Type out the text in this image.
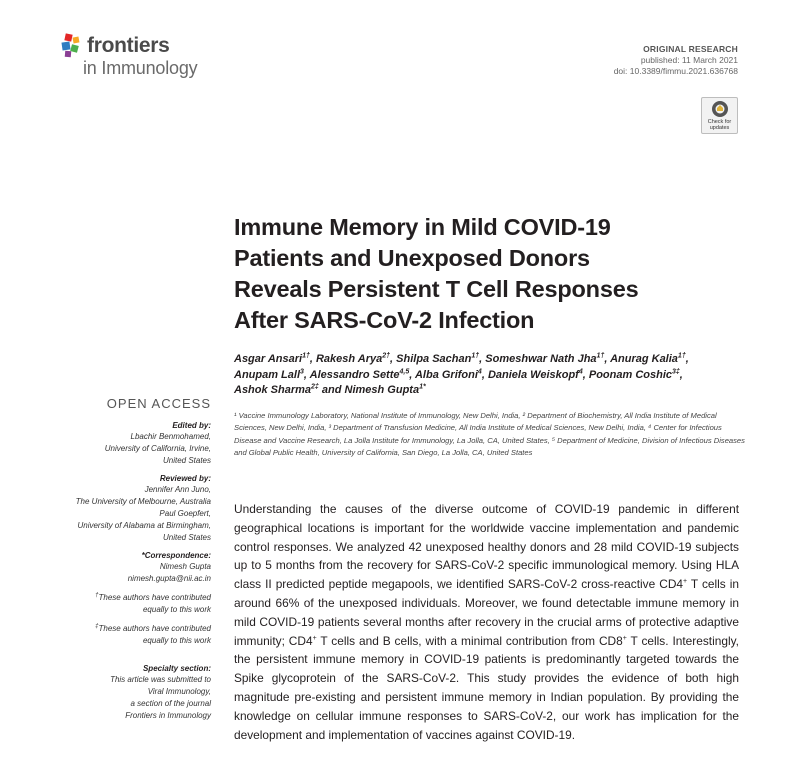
frontiers
in Immunology
ORIGINAL RESEARCH
published: 11 March 2021
doi: 10.3389/fimmu.2021.636768
Check for
updates
Immune Memory in Mild COVID-19
Patients and Unexposed Donors
Reveals Persistent T Cell Responses
After SARS-CoV-2 Infection
Asgar Ansari$^{1\dagger}$, Rakesh Arya$^{2\dagger}$, Shilpa Sachan$^{1\dagger}$, Someshwar Nath Jha$^{1\dagger}$, Anurag Kalia$^{1\dagger}$,
Anupam Lall$^3$, Alessandro Sette$^{4,5}$, Alba Grifoni$^4$, Daniela Weiskopf$^4$, Poonam Coshic$^{3\ddagger}$,
Ashok Sharma$^{2\ddagger}$ and Nimesh Gupta$^{1*}$
¹ Vaccine Immunology Laboratory, National Institute of Immunology, New Delhi, India, ² Department of Biochemistry, All India Institute of Medical Sciences, New Delhi, India, ³ Department of Transfusion Medicine, All India Institute of Medical Sciences, New Delhi, India, ⁴ Center for Infectious Disease and Vaccine Research, La Jolla Institute for Immunology, La Jolla, CA, United States, ⁵ Department of Medicine, Division of Infectious Diseases and Global Public Health, University of California, San Diego, La Jolla, CA, United States
Understanding the causes of the diverse outcome of COVID-19 pandemic in different geographical locations is important for the worldwide vaccine implementation and pandemic control responses. We analyzed 42 unexposed healthy donors and 28 mild COVID-19 subjects up to 5 months from the recovery for SARS-CoV-2 specific immunological memory. Using HLA class II predicted peptide megapools, we identified SARS-CoV-2 cross-reactive CD4+ T cells in around 66% of the unexposed individuals. Moreover, we found detectable immune memory in mild COVID-19 patients several months after recovery in the crucial arms of protective adaptive immunity; CD4+ T cells and B cells, with a minimal contribution from CD8+ T cells. Interestingly, the persistent immune memory in COVID-19 patients is predominantly targeted towards the Spike glycoprotein of the SARS-CoV-2. This study provides the evidence of both high magnitude pre-existing and persistent immune memory in Indian population. By providing the knowledge on cellular immune responses to SARS-CoV-2, our work has implication for the development and implementation of vaccines against COVID-19.
OPEN ACCESS
Edited by:
Lbachir Benmohamed,
University of California, Irvine,
United States
Reviewed by:
Jennifer Ann Juno,
The University of Melbourne, Australia
Paul Goepfert,
University of Alabama at Birmingham,
United States
*Correspondence:
Nimesh Gupta
nimesh.gupta@nii.ac.in
†These authors have contributed
equally to this work
‡These authors have contributed
equally to this work
Specialty section:
This article was submitted to
Viral Immunology,
a section of the journal
Frontiers in Immunology
